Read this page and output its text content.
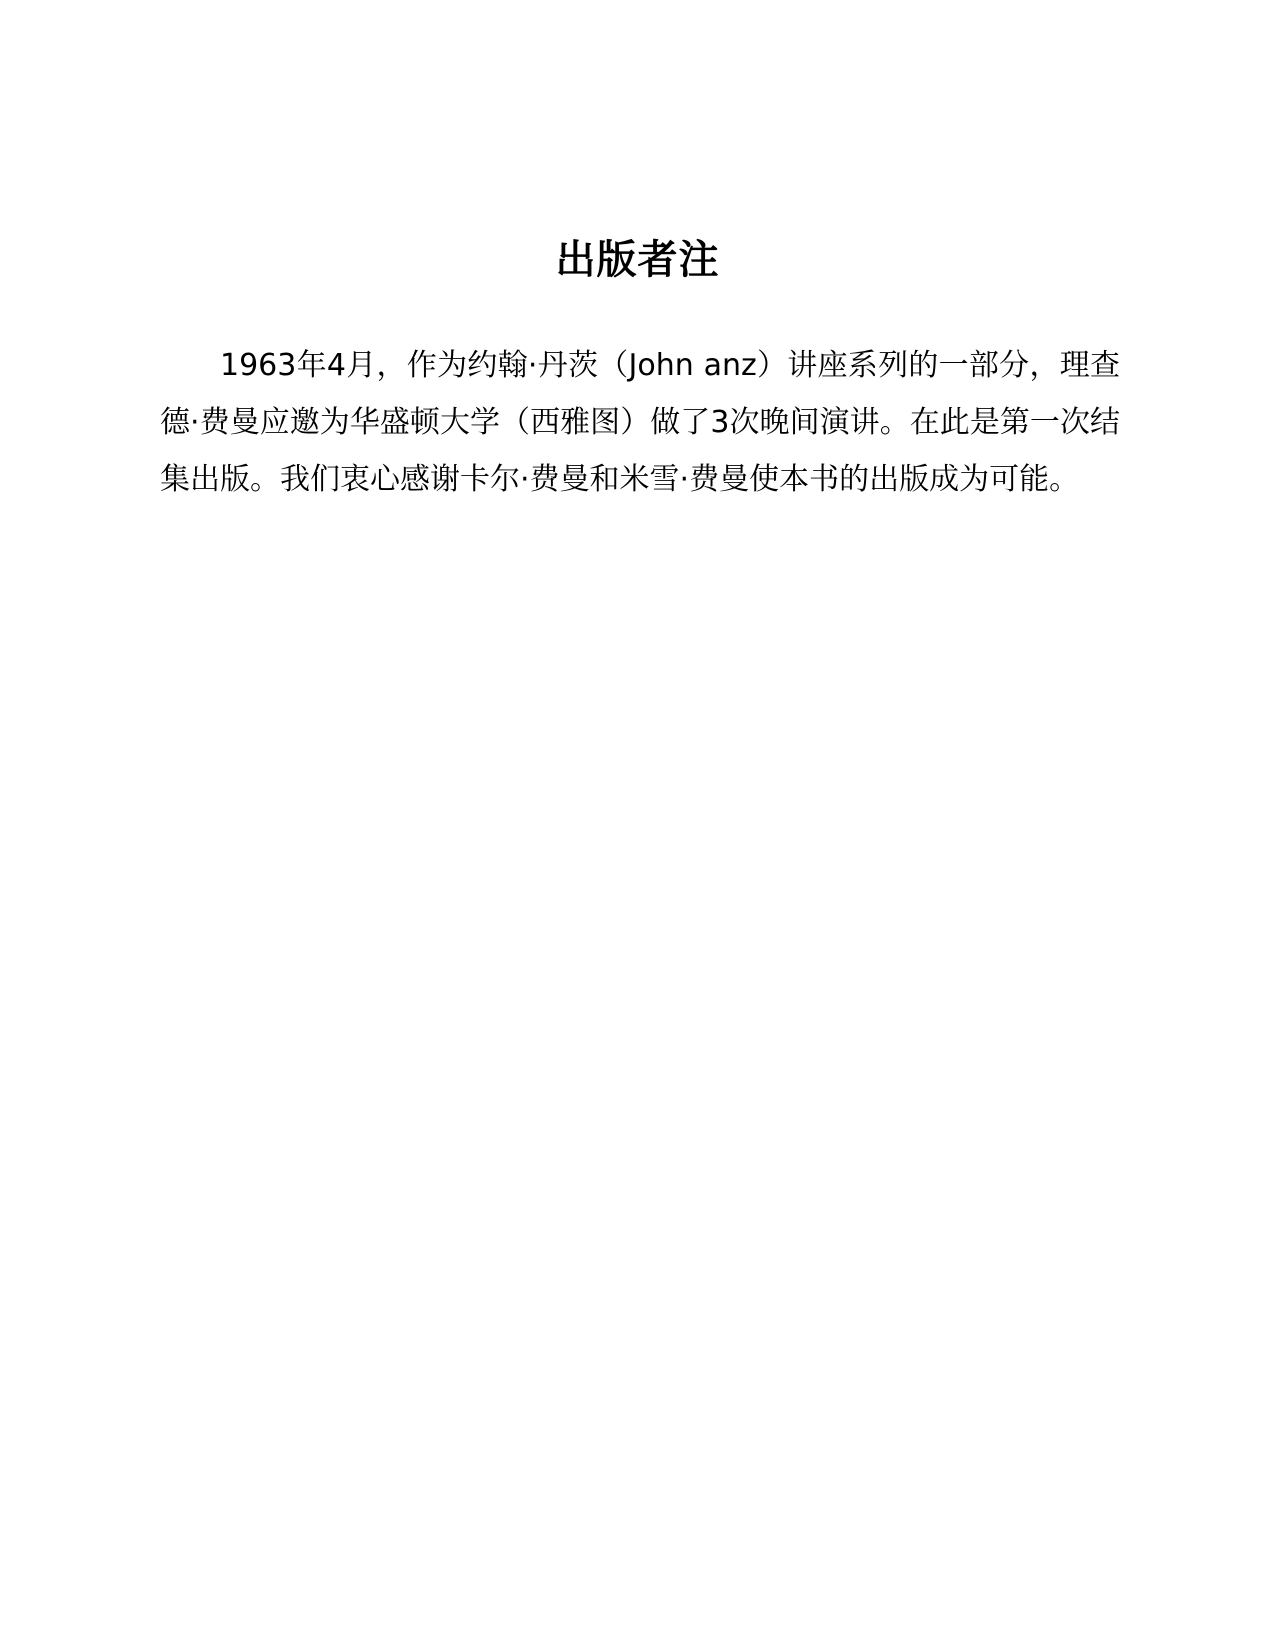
出版者注

1963年4月，作为约翰·丹茨（John anz）讲座系列的一部分，理查德·费曼应邀为华盛顿大学（西雅图）做了3次晚间演讲。在此是第一次结集出版。我们衷心感谢卡尔·费曼和米雪·费曼使本书的出版成为可能。
